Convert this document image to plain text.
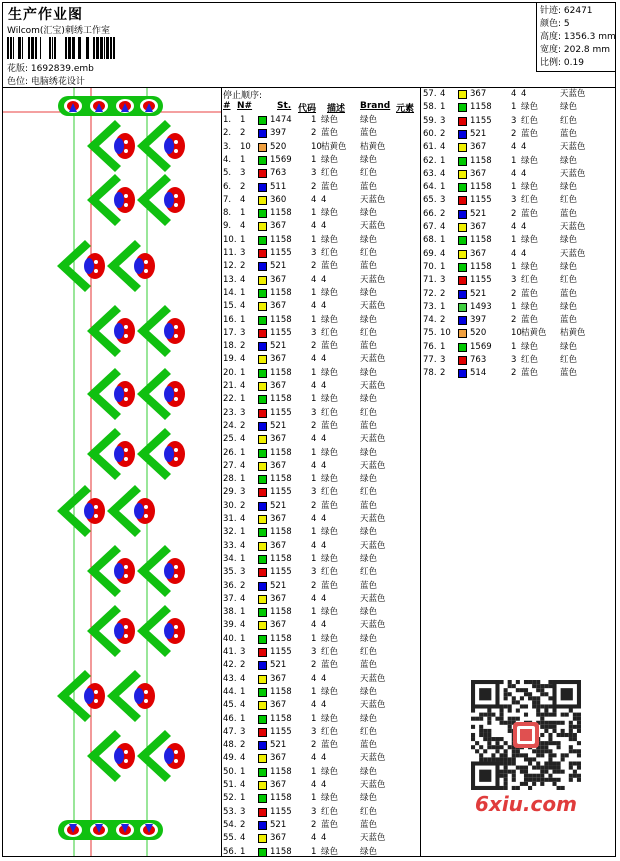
生产作业图
Wilcom(汇宝)刺绣工作室
花版: 1692839.emb
色位: 电脑绣花设计
针迹: 62471
颜色: 5
高度: 1356.3 mm
宽度: 202.8 mm
比例: 0.19
停止顺序:
# N#	St. 代码 描述 Brand 元素
1. 1	1474 1 绿色	绿色
2. 2	397	2 蓝色	蓝色
3. 10 520	10 桔黄色 桔黄色
4. 1	1569 1 绿色	绿色
5. 3	763	3 红色	红色
6. 2	511	2 蓝色	蓝色
7. 4	360	4 4	天蓝色
8. 1	1158 1 绿色	绿色
9. 4	367	4 4	天蓝色
10. 1	1158 1 绿色	绿色
11. 3	1155 3 红色	红色
12. 2	521	2 蓝色	蓝色
13. 4	367	4 4	天蓝色
14. 1	1158 1 绿色	绿色
15. 4	367	4 4	天蓝色
16. 1	1158 1 绿色	绿色
17. 3	1155 3 红色	红色
18. 2	521	2 蓝色	蓝色
19. 4	367	4 4	天蓝色
20. 1	1158 1 绿色	绿色
21. 4	367	4 4	天蓝色
22. 1	1158 1 绿色	绿色
23. 3	1155 3 红色	红色
24. 2	521	2 蓝色	蓝色
25. 4	367	4 4	天蓝色
26. 1	1158 1 绿色	绿色
27. 4	367	4 4	天蓝色
28. 1	1158 1 绿色	绿色
29. 3	1155 3 红色	红色
30. 2	521	2 蓝色	蓝色
31. 4	367	4 4	天蓝色
32. 1	1158 1 绿色	绿色
33. 4	367	4 4	天蓝色
34. 1	1158 1 绿色	绿色
35. 3	1155 3 红色	红色
36. 2	521	2 蓝色	蓝色
37. 4	367	4 4	天蓝色
38. 1	1158 1 绿色	绿色
39. 4	367	4 4	天蓝色
40. 1	1158 1 绿色	绿色
41. 3	1155 3 红色	红色
42. 2	521	2 蓝色	蓝色
43. 4	367	4 4	天蓝色
44. 1	1158 1 绿色	绿色
45. 4	367	4 4	天蓝色
46. 1	1158 1 绿色	绿色
47. 3	1155 3 红色	红色
48. 2	521	2 蓝色	蓝色
49. 4	367	4 4	天蓝色
50. 1	1158 1 绿色	绿色
51. 4	367	4 4	天蓝色
52. 1	1158 1 绿色	绿色
53. 3	1155 3 红色	红色
54. 2	521	2 蓝色	蓝色
55. 4	367	4 4	天蓝色
56. 1	1158 1 绿色	绿色
57. 4	367	4 4	天蓝色
58. 1	1158 1 绿色	绿色
59. 3	1155 3 红色	红色
60. 2	521	2 蓝色	蓝色
61. 4	367	4 4	天蓝色
62. 1	1158 1 绿色	绿色
63. 4	367	4 4	天蓝色
64. 1	1158 1 绿色	绿色
65. 3	1155 3 红色	红色
66. 2	521	2 蓝色	蓝色
67. 4	367	4 4	天蓝色
68. 1	1158 1 绿色	绿色
69. 4	367	4 4	天蓝色
70. 1	1158 1 绿色	绿色
71. 3	1155 3 红色	红色
72. 2	521	2 蓝色	蓝色
73. 1	1493 1 绿色	绿色
74. 2	397	2 蓝色	蓝色
75. 10 520	10 桔黄色 桔黄色
76. 1	1569 1 绿色	绿色
77. 3	763	3 红色	红色
78. 2	514	2 蓝色	蓝色
6xiu.com
